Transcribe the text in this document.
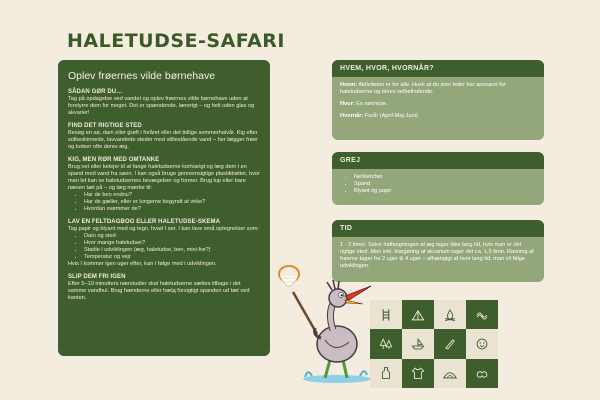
HALETUDSE-SAFARI
Oplev frøernes vilde børnehave
SÅDAN GØR DU…

Tag på opdagelse ved vandet og oplev frøernes vilde børnehave uden at forstyrre dem for meget. Det er spændende, lærerigt – og helt uden glas og akvarier!

FIND DET RIGTIGE STED

Besøg en sø, dam eller grøft i foråret eller det tidlige sommerhalvår. Kig efter solbeskinnede, lavvandede steder med stillestående vand – her lægger frøer og tudser ofte deres æg.

KIG, MEN RØR MED OMTANKE

Brug net eller ketsjer til at fange haletudserne kortvarigt og læg dem i en spand med vand fra søen. I kan også bruge gennemsigtige plastikbøtter, hvor man let kan se haletudsernes bevægelser og former. Brug lup eller bare næsen tæt på – og læg mærke til:

• Har de ben endnu?
• Har de gæller, eller er lungerne begyndt at virke?
• Hvordan svømmer de?
LAV EN FELTDAGBOG ELLER HALETUDSE-SKEMA

Tag papir og blyant med og tegn, hvad I ser. I kan lave små optegnelser som:

• Dato og sted
• Hvor mange haletudser?
• Stadie i udviklingen (æg, haletudse, ben, mini-frø?)
• Temperatur og vejr

Hvis I kommer igen uger efter, kan I følge med i udviklingen.

SLIP DEM FRI IGEN

Efter 5–10 minutters nærstudier skal haletudserne sættes tilbage i det samme vandhul. Brug hænderne eller hælд forsigtigt spanden ud tæt ved kanten.

HVEM, HVOR, HVORNÅR?

Hvem: Aktiviteten er for alle. Husk at du som leder har ansvaret for haletudserne og deres velbefindende.

Hvor: En sø/mose.

Hvornår: Forår (April-Maj-Juni)

GREJ
• Net/ketcher
• Spand
• Blyant og papir
TID
1 - 2 timer. Selve indfangningen af æg tager ikke lang tid, hvis man er det rigtige sted. Men inkl. klargøring af akvarium tager det ca. 1,5 time. Rasning af frøerne tager fra 2 uger til 4 uger – afhængigt af hvor lang tid, man vil følge udviklingen.
